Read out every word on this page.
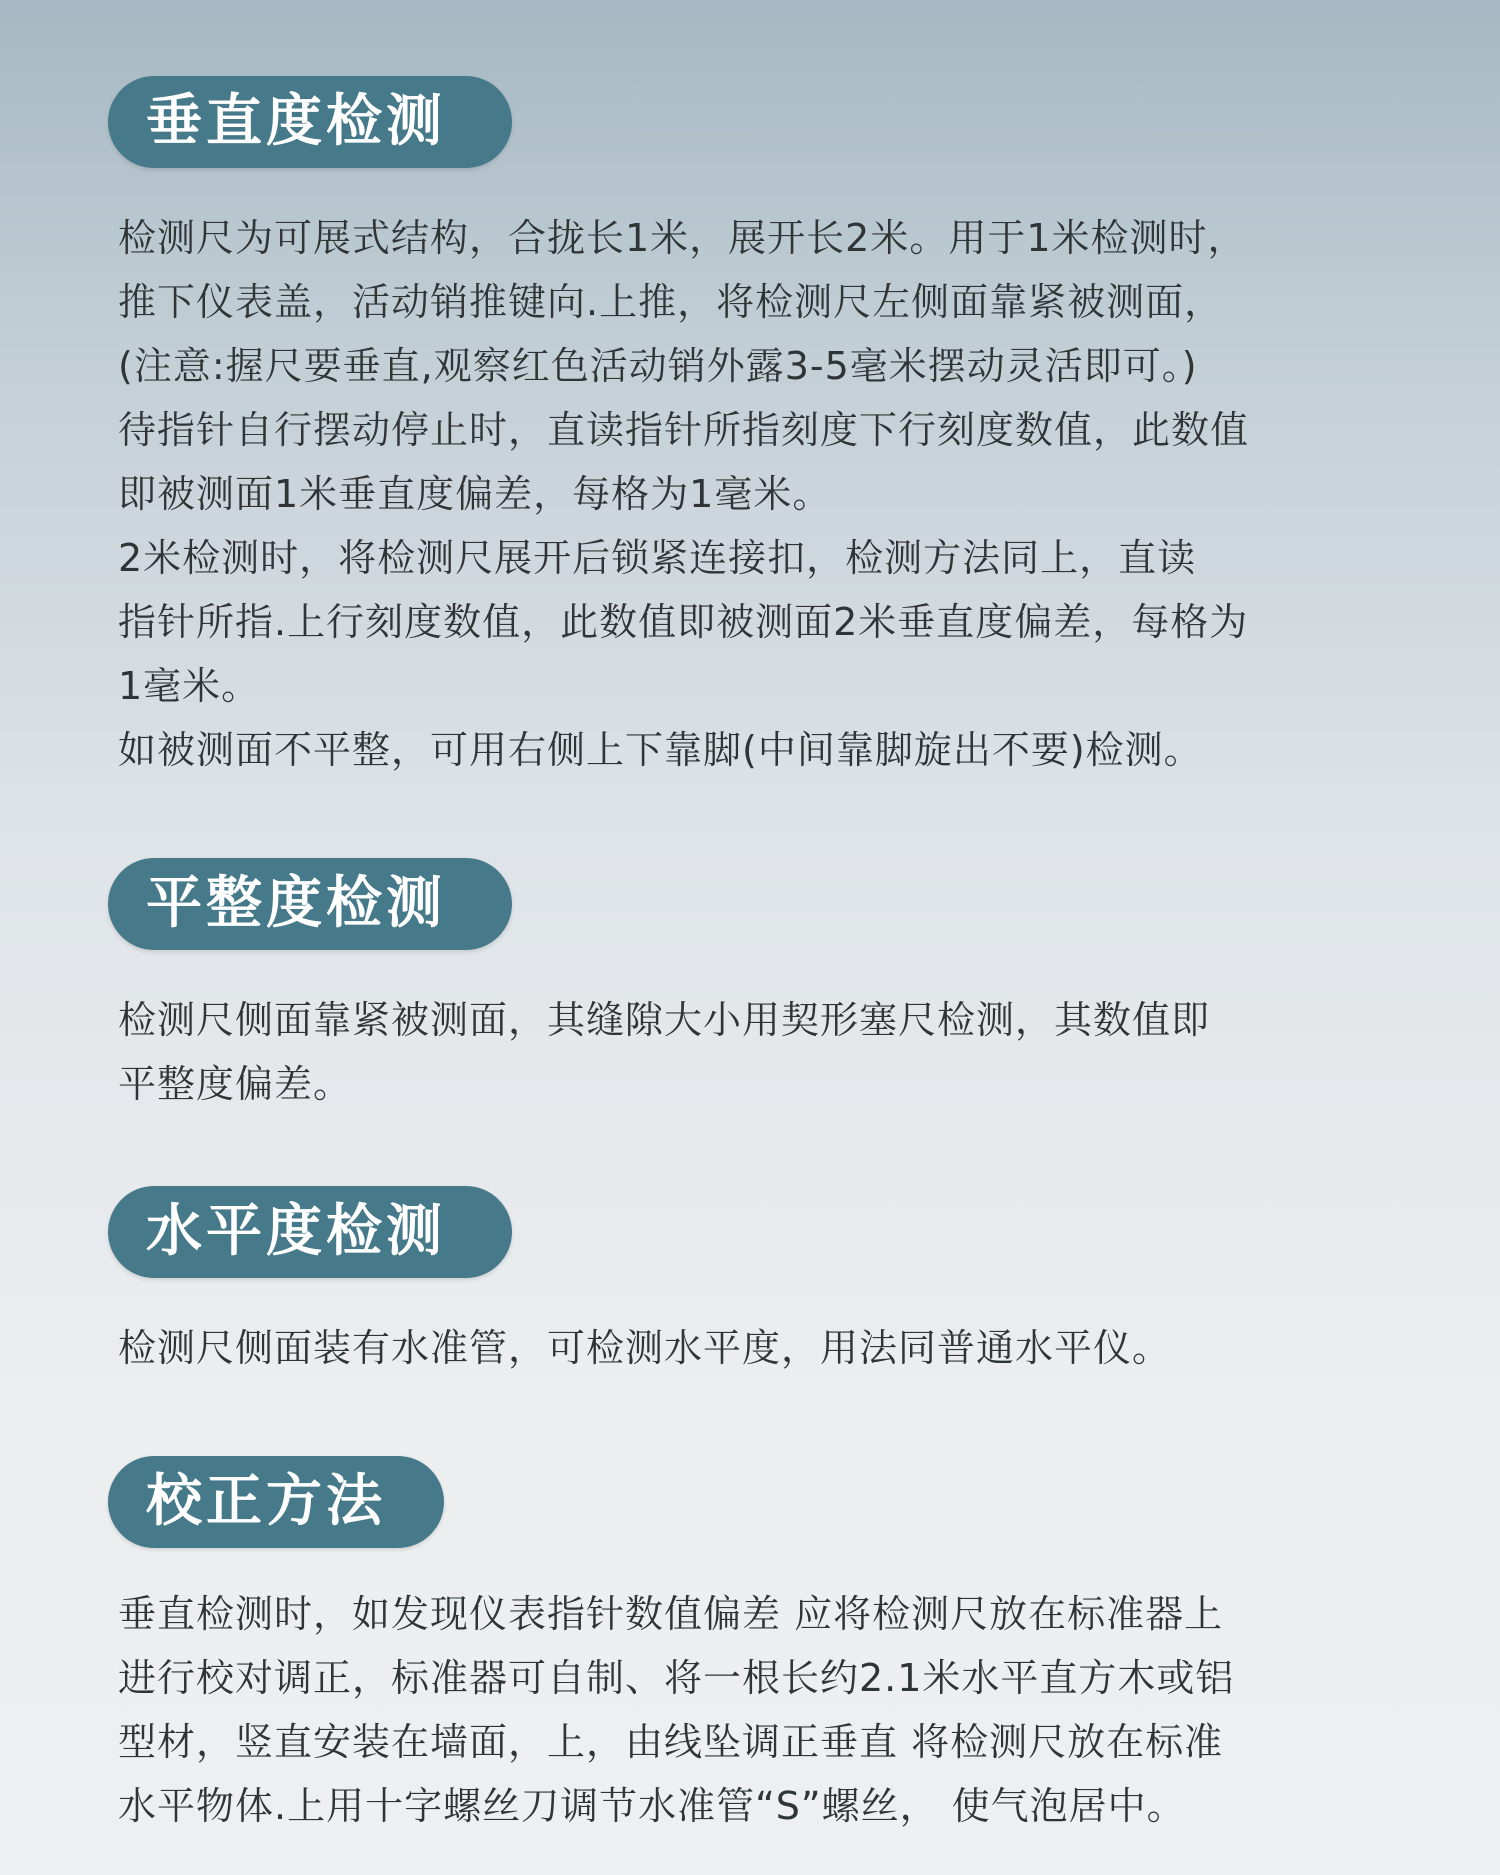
垂直度检测
检测尺为可展式结构，合拢长1米，展开长2米。用于1米检测时，
推下仪表盖，活动销推键向.上推，将检测尺左侧面靠紧被测面，
(注意:握尺要垂直,观察红色活动销外露3-5毫米摆动灵活即可。)
待指针自行摆动停止时，直读指针所指刻度下行刻度数值，此数值
即被测面1米垂直度偏差，每格为1毫米。
2米检测时，将检测尺展开后锁紧连接扣，检测方法同上，直读
指针所指.上行刻度数值，此数值即被测面2米垂直度偏差，每格为
1毫米。
如被测面不平整，可用右侧上下靠脚(中间靠脚旋出不要)检测。
平整度检测
检测尺侧面靠紧被测面，其缝隙大小用契形塞尺检测，其数值即
平整度偏差。
水平度检测
检测尺侧面装有水准管，可检测水平度，用法同普通水平仪。
校正方法
垂直检测时，如发现仪表指针数值偏差 应将检测尺放在标准器上
进行校对调正，标准器可自制、将一根长约2.1米水平直方木或铝
型材，竖直安装在墙面，上，由线坠调正垂直 将检测尺放在标准
水平物体.上用十字螺丝刀调节水准管“S”螺丝， 使气泡居中。
